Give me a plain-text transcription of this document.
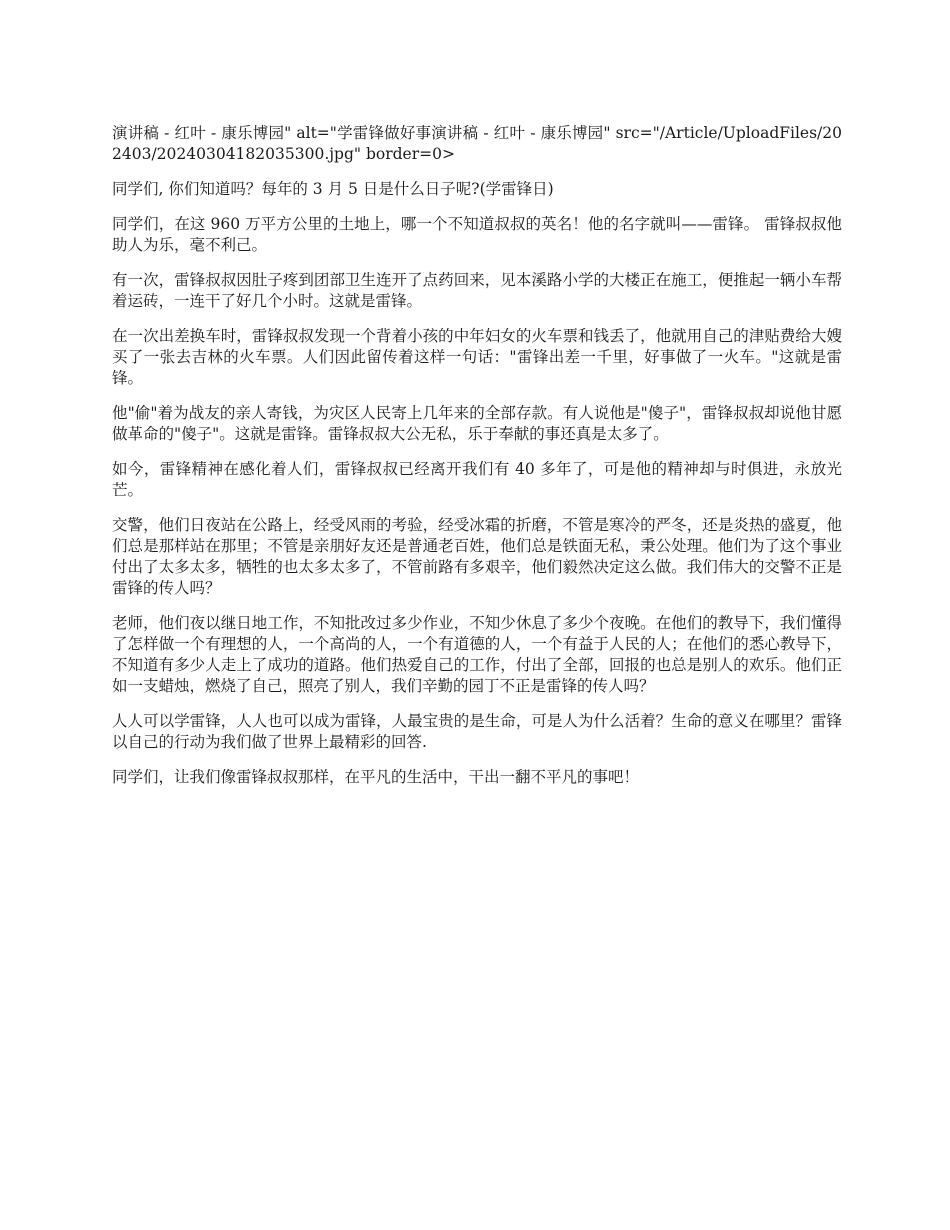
演讲稿 - 红叶 - 康乐博园" alt="学雷锋做好事演讲稿 - 红叶 - 康乐博园" src="/Article/UploadFiles/202403/20240304182035300.jpg" border=0>

同学们, 你们知道吗？每年的 3 月 5 日是什么日子呢?(学雷锋日)

同学们，在这 960 万平方公里的土地上，哪一个不知道叔叔的英名！他的名字就叫——雷锋。 雷锋叔叔他助人为乐，毫不利己。

有一次，雷锋叔叔因肚子疼到团部卫生连开了点药回来，见本溪路小学的大楼正在施工，便推起一辆小车帮着运砖，一连干了好几个小时。这就是雷锋。

在一次出差换车时，雷锋叔叔发现一个背着小孩的中年妇女的火车票和钱丢了，他就用自己的津贴费给大嫂买了一张去吉林的火车票。人们因此留传着这样一句话："雷锋出差一千里，好事做了一火车。"这就是雷锋。

他"偷"着为战友的亲人寄钱，为灾区人民寄上几年来的全部存款。有人说他是"傻子"，雷锋叔叔却说他甘愿做革命的"傻子"。这就是雷锋。雷锋叔叔大公无私，乐于奉献的事还真是太多了。

如今，雷锋精神在感化着人们，雷锋叔叔已经离开我们有 40 多年了，可是他的精神却与时俱进，永放光芒。

交警，他们日夜站在公路上，经受风雨的考验，经受冰霜的折磨，不管是寒冷的严冬，还是炎热的盛夏，他们总是那样站在那里；不管是亲朋好友还是普通老百姓，他们总是铁面无私，秉公处理。他们为了这个事业付出了太多太多，牺牲的也太多太多了，不管前路有多艰辛，他们毅然决定这么做。我们伟大的交警不正是雷锋的传人吗？

老师，他们夜以继日地工作，不知批改过多少作业，不知少休息了多少个夜晚。在他们的教导下，我们懂得了怎样做一个有理想的人，一个高尚的人，一个有道德的人，一个有益于人民的人；在他们的悉心教导下，不知道有多少人走上了成功的道路。他们热爱自己的工作，付出了全部，回报的也总是别人的欢乐。他们正如一支蜡烛，燃烧了自己，照亮了别人，我们辛勤的园丁不正是雷锋的传人吗？

人人可以学雷锋，人人也可以成为雷锋，人最宝贵的是生命，可是人为什么活着？生命的意义在哪里？雷锋以自己的行动为我们做了世界上最精彩的回答.

同学们，让我们像雷锋叔叔那样，在平凡的生活中，干出一翻不平凡的事吧！
